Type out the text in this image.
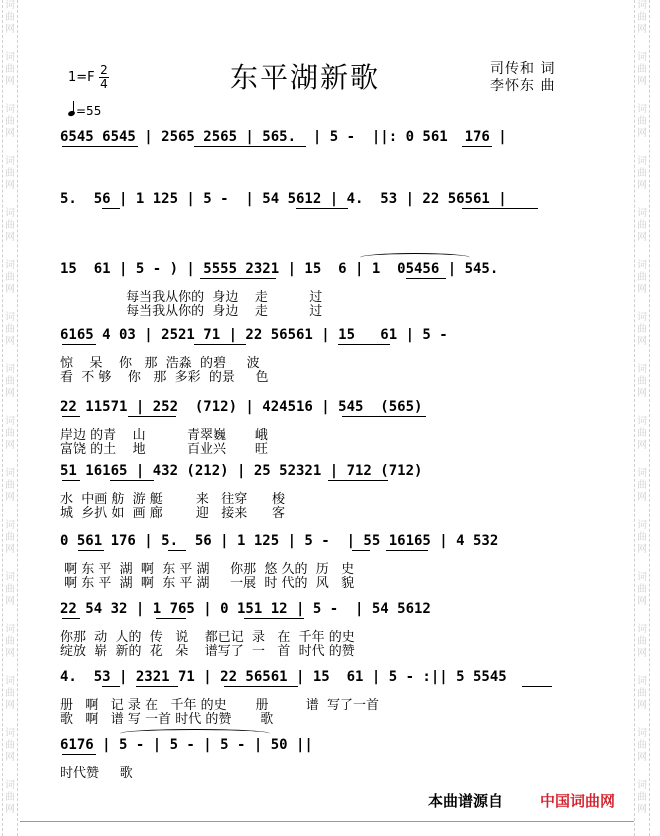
词
曲
网
词
曲
网
词
曲
网
词
曲
网
词
曲
网
词
曲
网
词
曲
网
词
曲
网
词
曲
网
词
曲
网
词
曲
网
词
曲
网
词
曲
网
词
曲
网
词
曲
网
词
曲
网
词
曲
网
词
曲
网
词
曲
网
词
曲
网
词
曲
网
词
曲
网
词
曲
网
词
曲
网
词
曲
网
词
曲
网
词
曲
网
词
曲
网
词
曲
网
词
曲
网
词
曲
网
词
曲
网
$1=F \frac{2}{4}$
=55
东平湖新歌	司传和 词
李怀东 曲
6545 6545 | 2565 2565 | 565.  | 5 -  ||: 0 561  176 |
5.  56 | 1 125 | 5 -  | 54 5612 | 4.  53 | 22 56561 |
15  61 | 5 - ) | 5555 2321 | 15  6 | 1  05456 | 545.
每当我从你的  身边    走          过
每当我从你的  身边    走          过
6165 4 03 | 2521 71 | 22 56561 | 15   61 | 5 -
惊    呆    你   那  浩淼  的碧     波
看  不 够    你   那  多彩  的景     色
22 11571 | 252  (712) | 424516 | 545  (565)
岸边 的青    山          青翠巍       峨
富饶 的土    地          百业兴       旺
51 16165 | 432 (212) | 25 52321 | 712 (712)
水  中画 舫  游 艇        来   往穿      梭
城  乡扒 如  画 廊        迎   接来      客
0 561 176 | 5.  56 | 1 125 | 5 -  | 55 16165 | 4 532
啊 东 平  湖  啊  东 平 湖     你那  悠 久的  历   史
啊 东 平  湖  啊  东 平 湖     一展  时 代的  风   貌
22 54 32 | 1 765 | 0 151 12 | 5 -  | 54 5612
你那  动  人的  传   说    都已记  录   在  千年 的史
绽放  崭  新的  花   朵    谱写了  一   首  时代 的赞
4.  53 | 2321 71 | 22 56561 | 15  61 | 5 - :|| 5 5545
册   啊   记 录 在   千年 的史       册         谱  写了一首
歌   啊   谱 写 一首 时代 的赞       歌
6176 | 5 - | 5 - | 5 - | 50 ||
时代赞     歌
本曲谱源自 中国词曲网
